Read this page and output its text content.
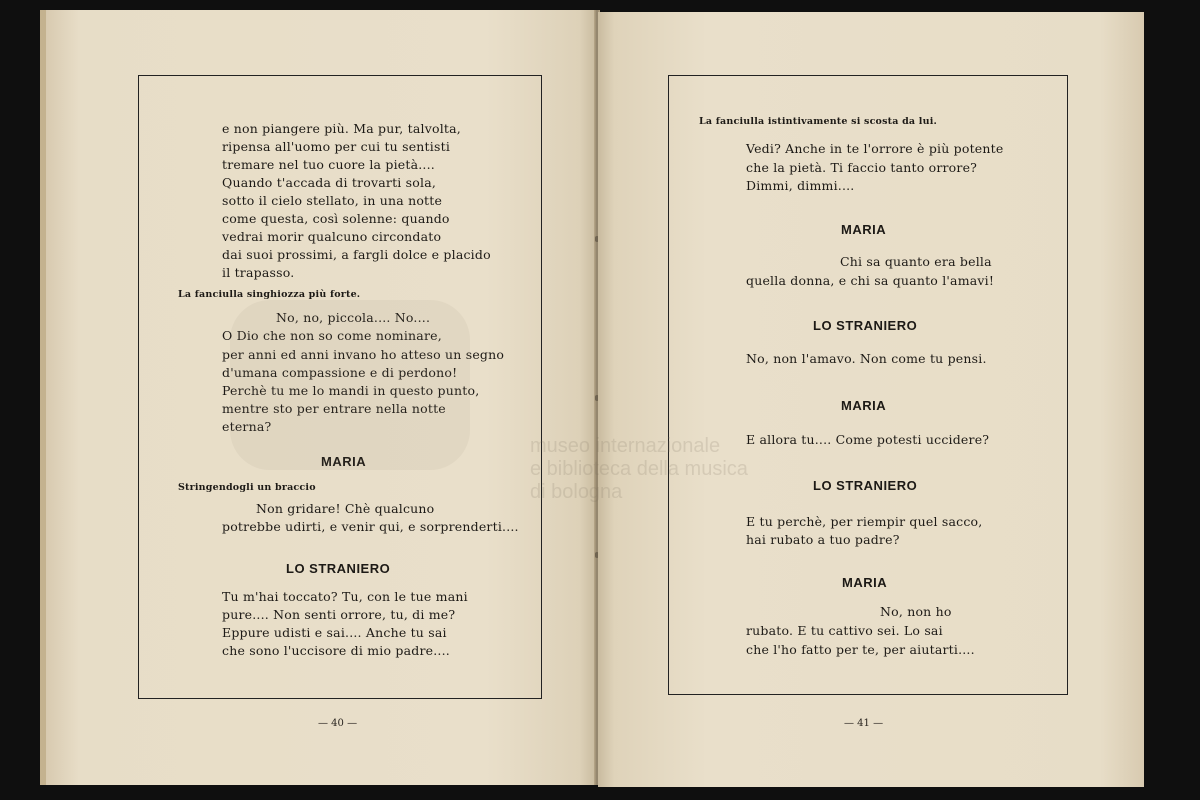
e non piangere più. Ma pur, talvolta,
ripensa all'uomo per cui tu sentisti
tremare nel tuo cuore la pietà....
Quando t'accada di trovarti sola,
sotto il cielo stellato, in una notte
come questa, così solenne: quando
vedrai morir qualcuno circondato
dai suoi prossimi, a fargli dolce e placido
il trapasso.
La fanciulla singhiozza più forte.
No, no, piccola.... No....
O Dio che non so come nominare,
per anni ed anni invano ho atteso un segno
d'umana compassione e di perdono!
Perchè tu me lo mandi in questo punto,
mentre sto per entrare nella notte
eterna?
MARIA
Stringendogli un braccio
Non gridare! Chè qualcuno
potrebbe udirti, e venir qui, e sorprenderti....
LO STRANIERO
Tu m'hai toccato? Tu, con le tue mani
pure.... Non senti orrore, tu, di me?
Eppure udisti e sai.... Anche tu sai
che sono l'uccisore di mio padre....
— 40 —
La fanciulla istintivamente si scosta da lui.
Vedi? Anche in te l'orrore è più potente
che la pietà. Ti faccio tanto orrore?
Dimmi, dimmi....
MARIA
Chi sa quanto era bella
quella donna, e chi sa quanto l'amavi!
LO STRANIERO
No, non l'amavo. Non come tu pensi.
MARIA
E allora tu.... Come potesti uccidere?
LO STRANIERO
E tu perchè, per riempir quel sacco,
hai rubato a tuo padre?
MARIA
No, non ho
rubato. E tu cattivo sei. Lo sai
che l'ho fatto per te, per aiutarti....
— 41 —
museo internazionale
e biblioteca della musica
di bologna
